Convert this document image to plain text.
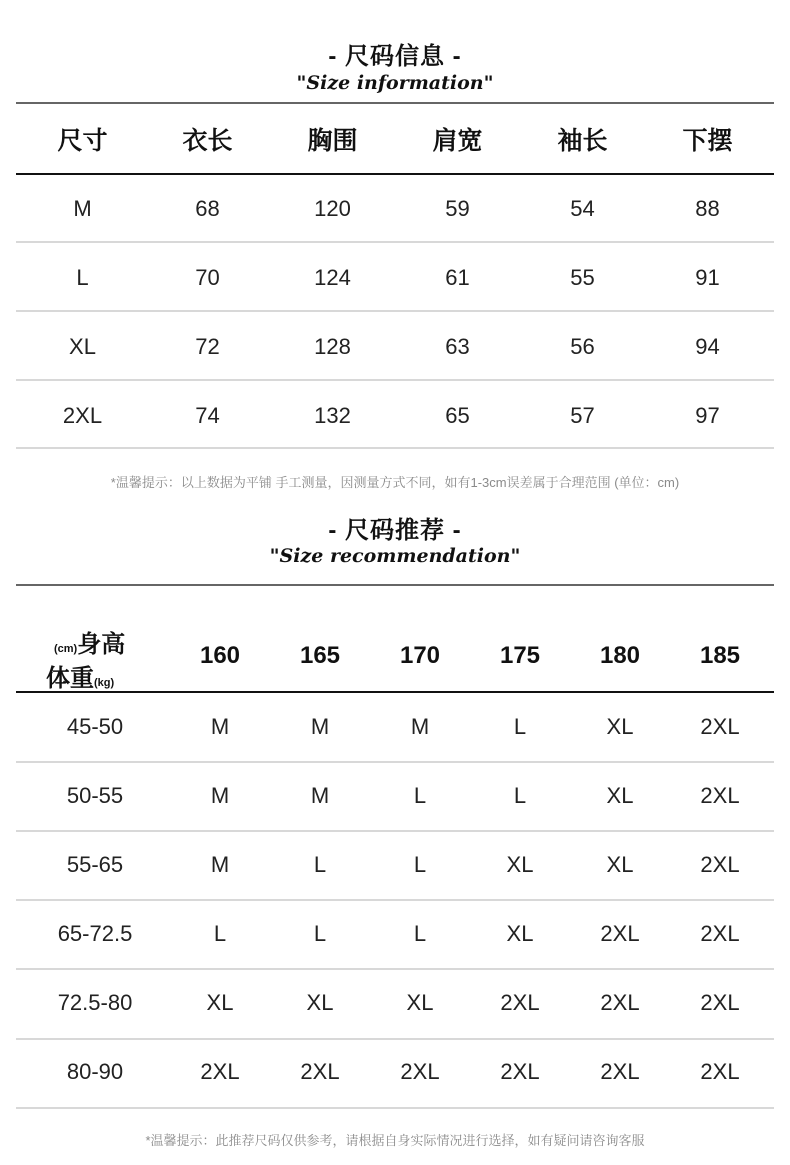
- 尺码信息 -
"Size information"
尺寸	衣长	胸围	肩宽	袖长	下摆
M	68	120	59	54	88
L	70	124	61	55	91
XL	72	128	63	56	94
2XL	74	132	65	57	97
*温馨提示：以上数据为平铺 手工测量，因测量方式不同，如有1-3cm误差属于合理范围 (单位：cm)
- 尺码推荐 -
"Size recommendation"
(cm)身高
体重(kg)	160	165	170	175	180	185
45-50	M	M	M	L	XL	2XL
50-55	M	M	L	L	XL	2XL
55-65	M	L	L	XL	XL	2XL
65-72.5	L	L	L	XL	2XL	2XL
72.5-80	XL	XL	XL	2XL	2XL	2XL
80-90	2XL	2XL	2XL	2XL	2XL	2XL
*温馨提示：此推荐尺码仅供参考，请根据自身实际情况进行选择，如有疑问请咨询客服
